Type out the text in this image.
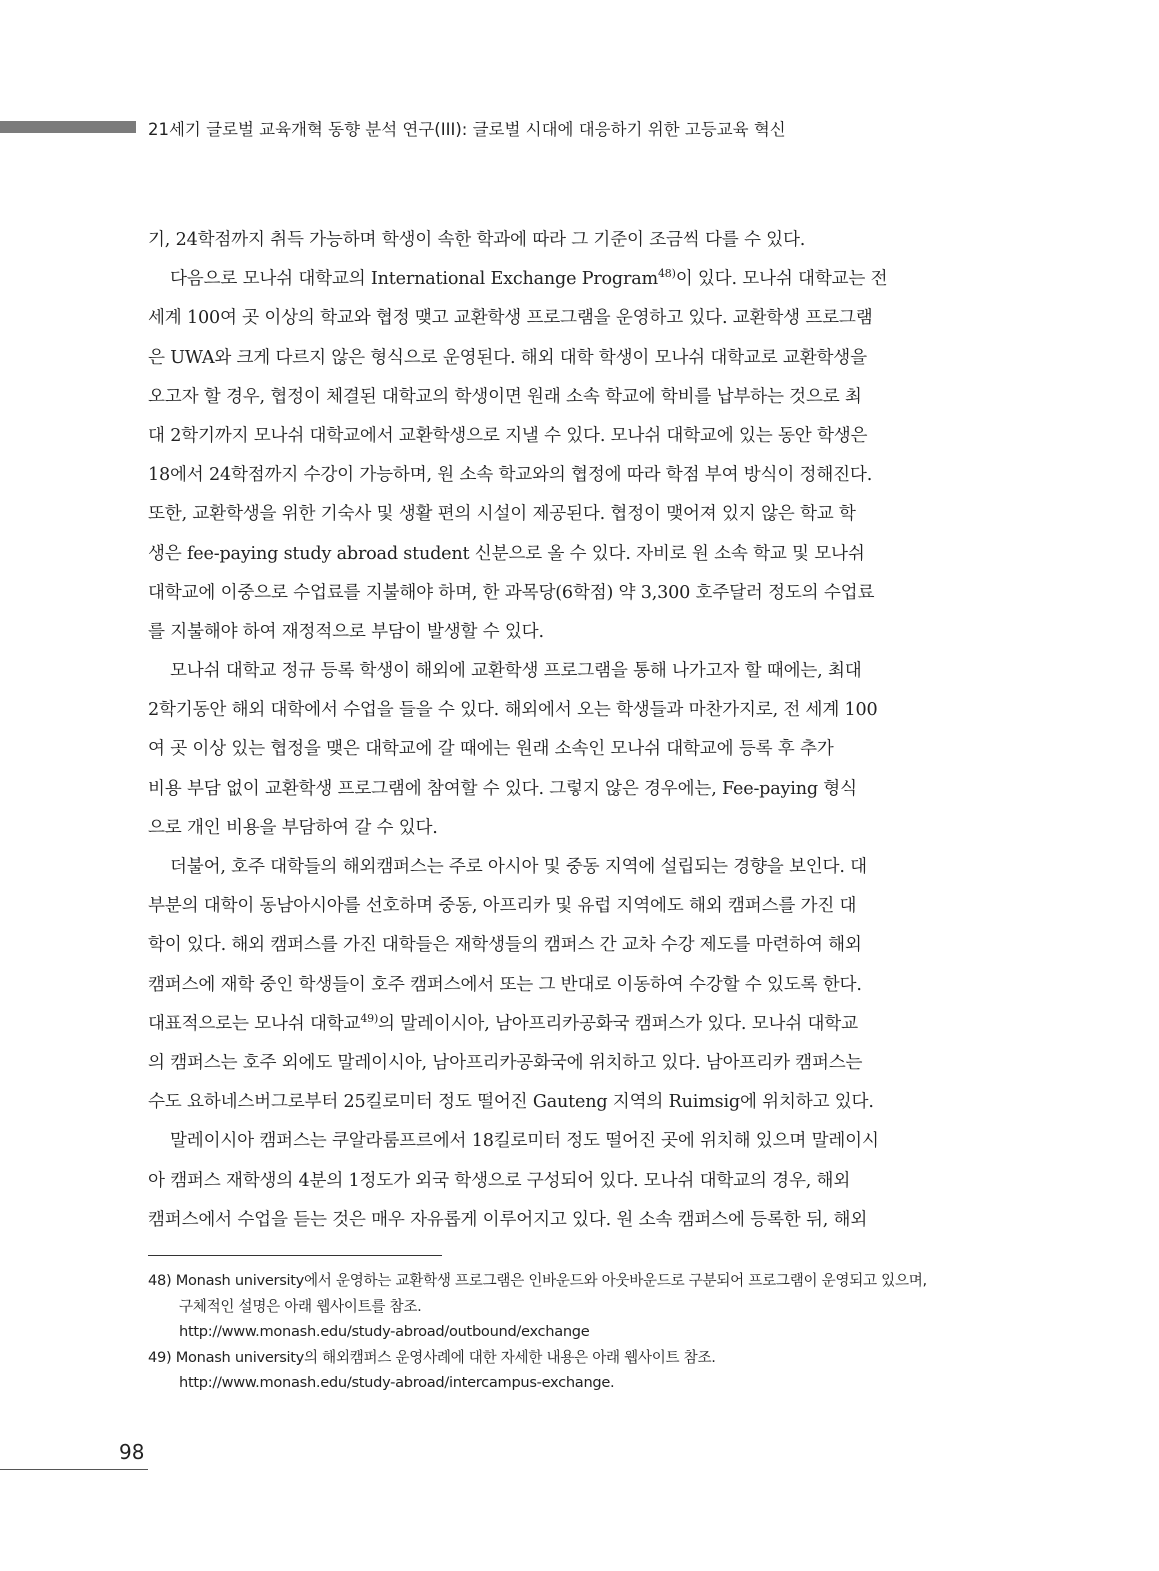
21세기 글로벌 교육개혁 동향 분석 연구(III): 글로벌 시대에 대응하기 위한 고등교육 혁신
기, 24학점까지 취득 가능하며 학생이 속한 학과에 따라 그 기준이 조금씩 다를 수 있다.
다음으로 모나쉬 대학교의 International Exchange Program$^{48)}$이 있다. 모나쉬 대학교는 전
세계 100여 곳 이상의 학교와 협정 맺고 교환학생 프로그램을 운영하고 있다. 교환학생 프로그램
은 UWA와 크게 다르지 않은 형식으로 운영된다. 해외 대학 학생이 모나쉬 대학교로 교환학생을
오고자 할 경우, 협정이 체결된 대학교의 학생이면 원래 소속 학교에 학비를 납부하는 것으로 최
대 2학기까지 모나쉬 대학교에서 교환학생으로 지낼 수 있다. 모나쉬 대학교에 있는 동안 학생은
18에서 24학점까지 수강이 가능하며, 원 소속 학교와의 협정에 따라 학점 부여 방식이 정해진다.
또한, 교환학생을 위한 기숙사 및 생활 편의 시설이 제공된다. 협정이 맺어져 있지 않은 학교 학
생은 fee-paying study abroad student 신분으로 올 수 있다. 자비로 원 소속 학교 및 모나쉬
대학교에 이중으로 수업료를 지불해야 하며, 한 과목당(6학점) 약 3,300 호주달러 정도의 수업료
를 지불해야 하여 재정적으로 부담이 발생할 수 있다.
모나쉬 대학교 정규 등록 학생이 해외에 교환학생 프로그램을 통해 나가고자 할 때에는, 최대
2학기동안 해외 대학에서 수업을 들을 수 있다. 해외에서 오는 학생들과 마찬가지로, 전 세계 100
여 곳 이상 있는 협정을 맺은 대학교에 갈 때에는 원래 소속인 모나쉬 대학교에 등록 후 추가
비용 부담 없이 교환학생 프로그램에 참여할 수 있다. 그렇지 않은 경우에는, Fee-paying 형식
으로 개인 비용을 부담하여 갈 수 있다.
더불어, 호주 대학들의 해외캠퍼스는 주로 아시아 및 중동 지역에 설립되는 경향을 보인다. 대
부분의 대학이 동남아시아를 선호하며 중동, 아프리카 및 유럽 지역에도 해외 캠퍼스를 가진 대
학이 있다. 해외 캠퍼스를 가진 대학들은 재학생들의 캠퍼스 간 교차 수강 제도를 마련하여 해외
캠퍼스에 재학 중인 학생들이 호주 캠퍼스에서 또는 그 반대로 이동하여 수강할 수 있도록 한다.
대표적으로는 모나쉬 대학교$^{49)}$의 말레이시아, 남아프리카공화국 캠퍼스가 있다. 모나쉬 대학교
의 캠퍼스는 호주 외에도 말레이시아, 남아프리카공화국에 위치하고 있다. 남아프리카 캠퍼스는
수도 요하네스버그로부터 25킬로미터 정도 떨어진 Gauteng 지역의 Ruimsig에 위치하고 있다.
말레이시아 캠퍼스는 쿠알라룸프르에서 18킬로미터 정도 떨어진 곳에 위치해 있으며 말레이시
아 캠퍼스 재학생의 4분의 1정도가 외국 학생으로 구성되어 있다. 모나쉬 대학교의 경우, 해외
캠퍼스에서 수업을 듣는 것은 매우 자유롭게 이루어지고 있다. 원 소속 캠퍼스에 등록한 뒤, 해외
48) Monash university에서 운영하는 교환학생 프로그램은 인바운드와 아웃바운드로 구분되어 프로그램이 운영되고 있으며,
구체적인 설명은 아래 웹사이트를 참조.
http://www.monash.edu/study-abroad/outbound/exchange
49) Monash university의 해외캠퍼스 운영사례에 대한 자세한 내용은 아래 웹사이트 참조.
http://www.monash.edu/study-abroad/intercampus-exchange.
98
